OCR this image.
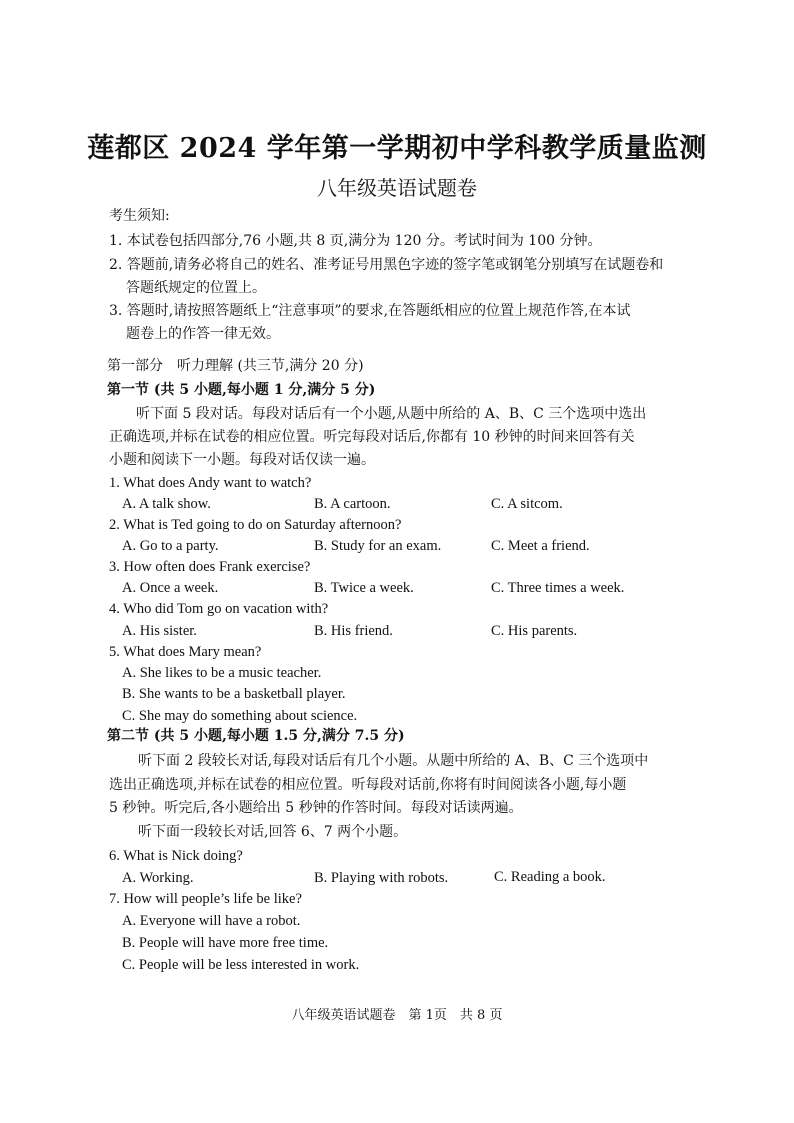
莲都区 2024 学年第一学期初中学科教学质量监测
八年级英语试题卷
考生须知:
1. 本试卷包括四部分,76 小题,共 8 页,满分为 120 分。考试时间为 100 分钟。
2. 答题前,请务必将自己的姓名、准考证号用黑色字迹的签字笔或钢笔分别填写在试题卷和
答题纸规定的位置上。
3. 答题时,请按照答题纸上“注意事项”的要求,在答题纸相应的位置上规范作答,在本试
题卷上的作答一律无效。
第一部分　听力理解 (共三节,满分 20 分)
第一节 (共 5 小题,每小题 1 分,满分 5 分)
听下面 5 段对话。每段对话后有一个小题,从题中所给的 A、B、C 三个选项中选出
正确选项,并标在试卷的相应位置。听完每段对话后,你都有 10 秒钟的时间来回答有关
小题和阅读下一小题。每段对话仅读一遍。
1. What does Andy want to watch?
A. A talk show.	B. A cartoon.	C. A sitcom.
2. What is Ted going to do on Saturday afternoon?
A. Go to a party.	B. Study for an exam.	C. Meet a friend.
3. How often does Frank exercise?
A. Once a week.	B. Twice a week.	C. Three times a week.
4. Who did Tom go on vacation with?
A. His sister.	B. His friend.	C. His parents.
5. What does Mary mean?
A. She likes to be a music teacher.
B. She wants to be a basketball player.
C. She may do something about science.
第二节 (共 5 小题,每小题 1.5 分,满分 7.5 分)
听下面 2 段较长对话,每段对话后有几个小题。从题中所给的 A、B、C 三个选项中
选出正确选项,并标在试卷的相应位置。听每段对话前,你将有时间阅读各小题,每小题
5 秒钟。听完后,各小题给出 5 秒钟的作答时间。每段对话读两遍。
听下面一段较长对话,回答 6、7 两个小题。
6. What is Nick doing?
A. Working.	B. Playing with robots.	C. Reading a book.
7. How will people’s life be like?
A. Everyone will have a robot.
B. People will have more free time.
C. People will be less interested in work.
八年级英语试题卷　第 1页　共 8 页
